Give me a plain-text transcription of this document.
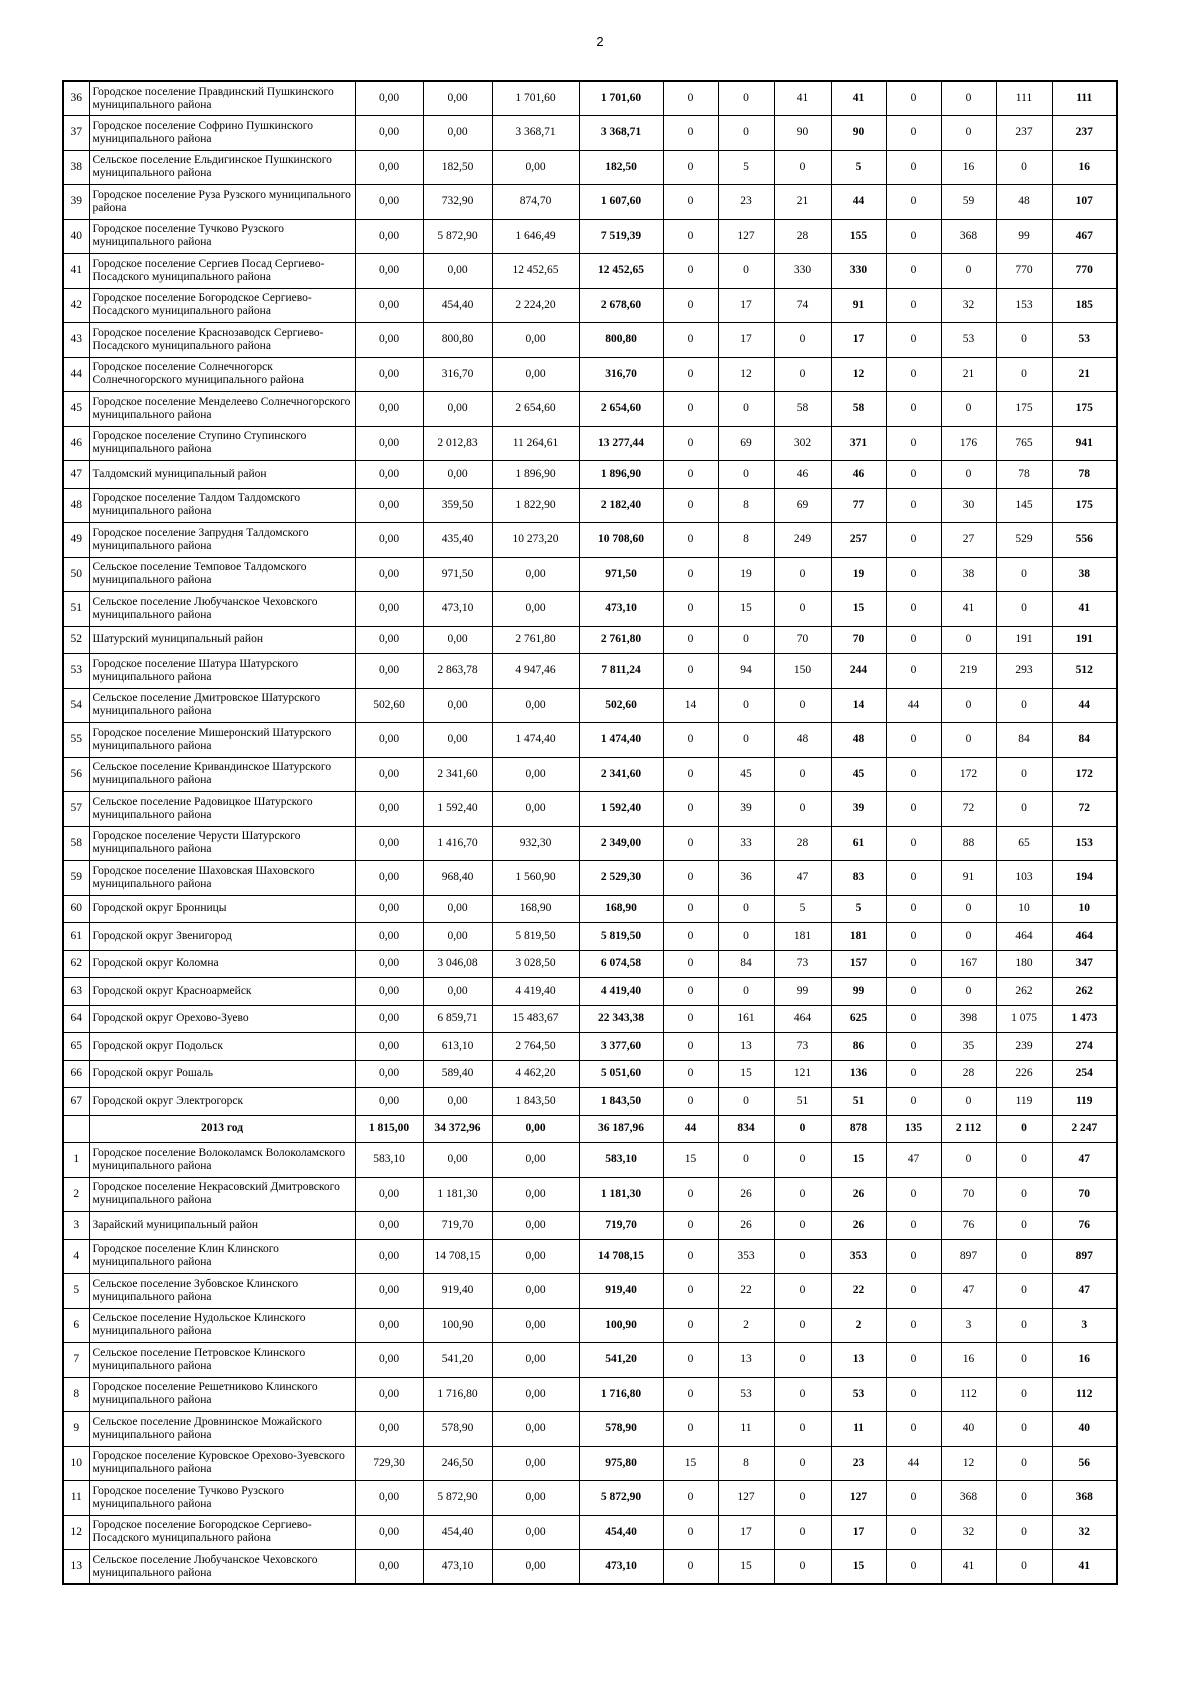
2
36	Городское поселение Правдинский Пушкинского муниципального района	0,00	0,00	1 701,60	1 701,60	0	0	41	41	0	0	111	111
37	Городское поселение Софрино Пушкинского муниципального района	0,00	0,00	3 368,71	3 368,71	0	0	90	90	0	0	237	237
38	Сельское поселение Ельдигинское Пушкинского муниципального района	0,00	182,50	0,00	182,50	0	5	0	5	0	16	0	16
39	Городское поселение Руза Рузского муниципального района	0,00	732,90	874,70	1 607,60	0	23	21	44	0	59	48	107
40	Городское поселение Тучково Рузского муниципального района	0,00	5 872,90	1 646,49	7 519,39	0	127	28	155	0	368	99	467
41	Городское поселение Сергиев Посад Сергиево-Посадского муниципального района	0,00	0,00	12 452,65	12 452,65	0	0	330	330	0	0	770	770
42	Городское поселение Богородское Сергиево-Посадского муниципального района	0,00	454,40	2 224,20	2 678,60	0	17	74	91	0	32	153	185
43	Городское поселение Краснозаводск Сергиево-Посадского муниципального района	0,00	800,80	0,00	800,80	0	17	0	17	0	53	0	53
44	Городское поселение Солнечногорск Солнечногорского муниципального района	0,00	316,70	0,00	316,70	0	12	0	12	0	21	0	21
45	Городское поселение Менделеево Солнечногорского муниципального района	0,00	0,00	2 654,60	2 654,60	0	0	58	58	0	0	175	175
46	Городское поселение Ступино Ступинского муниципального района	0,00	2 012,83	11 264,61	13 277,44	0	69	302	371	0	176	765	941
47	Талдомский муниципальный район	0,00	0,00	1 896,90	1 896,90	0	0	46	46	0	0	78	78
48	Городское поселение Талдом Талдомского муниципального района	0,00	359,50	1 822,90	2 182,40	0	8	69	77	0	30	145	175
49	Городское поселение Запрудня Талдомского муниципального района	0,00	435,40	10 273,20	10 708,60	0	8	249	257	0	27	529	556
50	Сельское поселение Темповое Талдомского муниципального района	0,00	971,50	0,00	971,50	0	19	0	19	0	38	0	38
51	Сельское поселение Любучанское Чеховского муниципального района	0,00	473,10	0,00	473,10	0	15	0	15	0	41	0	41
52	Шатурский муниципальный район	0,00	0,00	2 761,80	2 761,80	0	0	70	70	0	0	191	191
53	Городское поселение Шатура Шатурского муниципального района	0,00	2 863,78	4 947,46	7 811,24	0	94	150	244	0	219	293	512
54	Сельское поселение Дмитровское Шатурского муниципального района	502,60	0,00	0,00	502,60	14	0	0	14	44	0	0	44
55	Городское поселение Мишеронский Шатурского муниципального района	0,00	0,00	1 474,40	1 474,40	0	0	48	48	0	0	84	84
56	Сельское поселение Кривандинское Шатурского муниципального района	0,00	2 341,60	0,00	2 341,60	0	45	0	45	0	172	0	172
57	Сельское поселение Радовицкое Шатурского муниципального района	0,00	1 592,40	0,00	1 592,40	0	39	0	39	0	72	0	72
58	Городское поселение Черусти Шатурского муниципального района	0,00	1 416,70	932,30	2 349,00	0	33	28	61	0	88	65	153
59	Городское поселение Шаховская Шаховского муниципального района	0,00	968,40	1 560,90	2 529,30	0	36	47	83	0	91	103	194
60	Городской округ Бронницы	0,00	0,00	168,90	168,90	0	0	5	5	0	0	10	10
61	Городской округ Звенигород	0,00	0,00	5 819,50	5 819,50	0	0	181	181	0	0	464	464
62	Городской округ Коломна	0,00	3 046,08	3 028,50	6 074,58	0	84	73	157	0	167	180	347
63	Городской округ Красноармейск	0,00	0,00	4 419,40	4 419,40	0	0	99	99	0	0	262	262
64	Городской округ Орехово-Зуево	0,00	6 859,71	15 483,67	22 343,38	0	161	464	625	0	398	1 075	1 473
65	Городской округ Подольск	0,00	613,10	2 764,50	3 377,60	0	13	73	86	0	35	239	274
66	Городской округ Рошаль	0,00	589,40	4 462,20	5 051,60	0	15	121	136	0	28	226	254
67	Городской округ Электрогорск	0,00	0,00	1 843,50	1 843,50	0	0	51	51	0	0	119	119
	2013 год	1 815,00	34 372,96	0,00	36 187,96	44	834	0	878	135	2 112	0	2 247
1	Городское поселение Волоколамск Волоколамского муниципального района	583,10	0,00	0,00	583,10	15	0	0	15	47	0	0	47
2	Городское поселение Некрасовский Дмитровского муниципального района	0,00	1 181,30	0,00	1 181,30	0	26	0	26	0	70	0	70
3	Зарайский муниципальный район	0,00	719,70	0,00	719,70	0	26	0	26	0	76	0	76
4	Городское поселение Клин Клинского муниципального района	0,00	14 708,15	0,00	14 708,15	0	353	0	353	0	897	0	897
5	Сельское поселение Зубовское Клинского муниципального района	0,00	919,40	0,00	919,40	0	22	0	22	0	47	0	47
6	Сельское поселение Нудольское Клинского муниципального района	0,00	100,90	0,00	100,90	0	2	0	2	0	3	0	3
7	Сельское поселение Петровское Клинского муниципального района	0,00	541,20	0,00	541,20	0	13	0	13	0	16	0	16
8	Городское поселение Решетниково Клинского муниципального района	0,00	1 716,80	0,00	1 716,80	0	53	0	53	0	112	0	112
9	Сельское поселение Дровнинское Можайского муниципального района	0,00	578,90	0,00	578,90	0	11	0	11	0	40	0	40
10	Городское поселение Куровское Орехово-Зуевского муниципального района	729,30	246,50	0,00	975,80	15	8	0	23	44	12	0	56
11	Городское поселение Тучково Рузского муниципального района	0,00	5 872,90	0,00	5 872,90	0	127	0	127	0	368	0	368
12	Городское поселение Богородское Сергиево-Посадского муниципального района	0,00	454,40	0,00	454,40	0	17	0	17	0	32	0	32
13	Сельское поселение Любучанское Чеховского муниципального района	0,00	473,10	0,00	473,10	0	15	0	15	0	41	0	41
